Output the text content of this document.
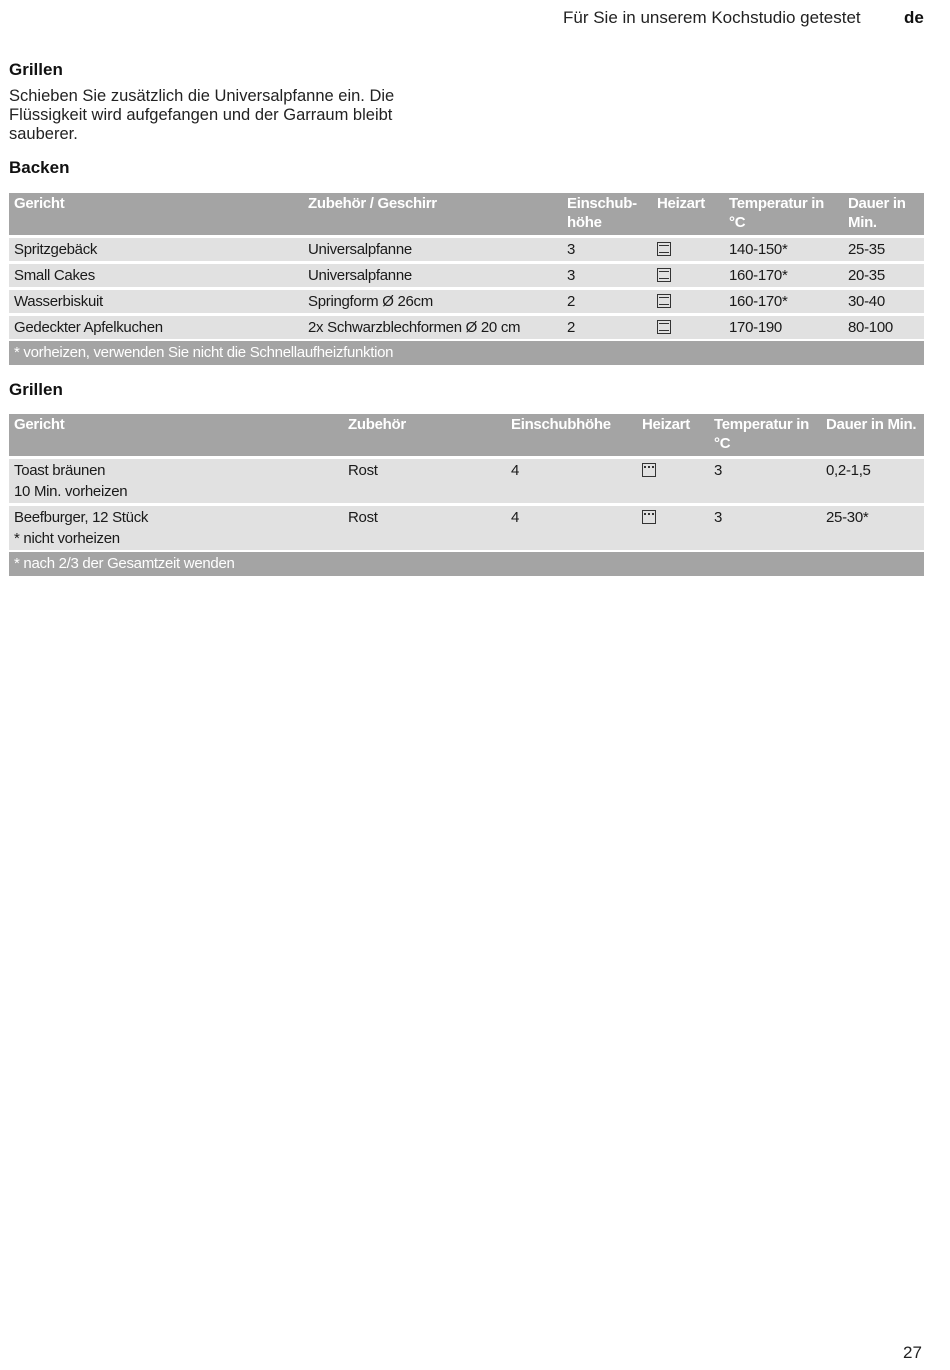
Für Sie in unserem Kochstudio getestet	de
Grillen
Schieben Sie zusätzlich die Universalpfanne ein. Die Flüssigkeit wird aufgefangen und der Garraum bleibt sauberer.
Backen
Gericht	Zubehör / Geschirr	Einschub-
höhe	Heizart	Temperatur in
°C	Dauer in
Min.
Spritzgebäck	Universalpfanne	3		140-150*	25-35
Small Cakes	Universalpfanne	3		160-170*	20-35
Wasserbiskuit	Springform Ø 26cm	2		160-170*	30-40
Gedeckter Apfelkuchen	2x Schwarzblechformen Ø 20 cm	2		170-190	80-100
* vorheizen, verwenden Sie nicht die Schnellaufheizfunktion					
Grillen
Gericht	Zubehör	Einschubhöhe	Heizart	Temperatur in
°C	Dauer in Min.

Toast bräunen
10 Min. vorheizen	Rost	4		3	0,2-1,5

Beefburger, 12 Stück
* nicht vorheizen	Rost	4		3	25-30*
* nach 2/3 der Gesamtzeit wenden					
27
